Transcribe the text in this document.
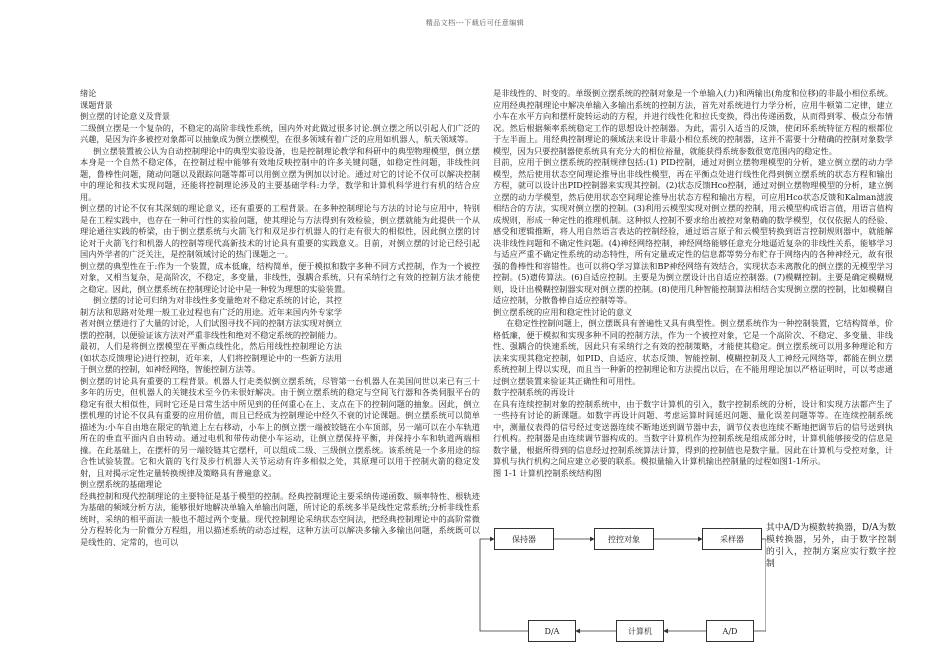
精品文档---下载后可任意编辑

绪论

课题背景

倒立摆的讨论意义及背景

二级倒立摆是一个复杂的，不稳定的高阶非线性系统，国内外对此做过很多讨论.倒立摆之所以引起人们广泛的兴趣，是因为许多被控对象都可以抽象成为倒立摆模型，在很多领域有着广泛的应用如机器人，航天领域等。

倒立摆装置被公认为自动控制理论中的典型实验设备，也是控制理论教学和科研中的典型物理模型，倒立摆本身是一个自然不稳定体，在控制过程中能够有效地反映控制中的许多关键问题，如稳定性问题，非线性问题，鲁棒性问题，随动问题以及跟踪问题等都可以用倒立摆为例加以讨论。通过对它的讨论不仅可以解决控制中的理论和技术实现问题，还能将控制理论涉及的主要基础学科:力学，数学和计算机科学进行有机的结合应用。

倒立摆的讨论不仅有其深刻的理论意义，还有重要的工程背景。在多种控制理论与方法的讨论与应用中，特别是在工程实践中，也存在一种可行性的实验问题，使其理论与方法得到有效检验，倒立摆就能为此提供一个从理论通往实践的桥梁，由于倒立摆系统与火箭飞行和双足步行机器人的行走有很大的相似性，因此倒立摆的讨论对于火箭飞行和机器人的控制等现代高新技术的讨论具有重要的实践意义。目前，对倒立摆的讨论已经引起国内外学者的广泛关注，是控制领域讨论的热门课题之一。

倒立摆的典型性在于:作为一个装置，成本低廉，结构简单，便于模拟和数字多种不同方式控制，作为一个被控对象，又相当复杂，是高阶次，不稳定，多变量，非线性，强耦合系统，只有采纳行之有效的控制方法才能使之稳定。因此，倒立摆系统在控制理论讨论中是一种较为理想的实验装置。

倒立摆的讨论可归纳为对非线性多变量绝对不稳定系统的讨论，其控制方法和思路对处理一般工业过程也有广泛的用途。近年来国内外专家学者对倒立摆进行了大量的讨论，人们试图寻找不同的控制方法实现对倒立摆的控制，以便验证该方法对严重非线性和绝对不稳定系统的控制能力。最初，人们是将倒立摆模型在平衡点线性化，然后用线性控制理论方法(如状态反馈理论)进行控制，近年来，人们将控制理论中的一些新方法用于倒立摆的控制，如神经网络，智能控制方法等。

倒立摆的讨论具有重要的工程背景。机器人行走类似倒立摆系统，尽管第一台机器人在美国问世以来已有三十多年的历史，但机器人的关键技术至今仍未很好解决。由于倒立摆系统的稳定与空间飞行器和各类伺服平台的稳定有很大相似性，同时它还是日常生活中所见到的任何重心在上、支点在下的控制问题的抽象。因此，倒立摆机理的讨论不仅具有重要的应用价值，而且已经成为控制理论中经久不衰的讨论课题。倒立摆系统可以简单描述为:小车自由地在限定的轨道上左右移动，小车上的倒立摆一端被铰链在小车顶部，另一端可以在小车轨道所在的垂直平面内自由转动。通过电机和带传动使小车运动，让倒立摆保持平衡，并保持小车和轨道两端相撞。在此基础上，在摆杆的另一端铰链其它摆杆，可以组成二级、三级倒立摆系统。该系统是一个多用途的综合性试验装置。它和火箭的飞行及步行机器人关节运动有许多相似之处，其原理可以用于控制火箭的稳定发射，且对揭示定性定量转换规律及策略具有普遍意义。

倒立摆系统的基础理论

经典控制和现代控制理论的主要特征是基于模型的控制。经典控制理论主要采纳传递函数、频率特性、根轨迹为基础的频域分析方法，能够很好地解决单输入单输出问题，所讨论的系统多半是线性定常系统;分析非线性系统时，采纳的相平面法一般也不超过两个变量。现代控制理论采纳状态空间法，把经典控制理论中的高阶常微分方程转化为一阶微分方程组，用以描述系统的动态过程，这种方法可以解决多输入多输出问题，系统既可以是线性的、定常的，也可以

是非线性的、时变的。单级倒立摆系统的控制对象是一个单输入(力)和两输出(角度和位移)的非最小相位系统。应用经典控制理论中解决单输入多输出系统的控制方法，首先对系统进行力学分析，应用牛顿第二定律，建立小车在水平方向和摆杆旋转运动的方程，并进行线性化和拉氏变换，得出传递函数，从而得到零、极点分布情况。然后根据频率系统稳定工作的思想设计控制器。为此，需引入适当的反馈，使闭环系统特征方程的根都位于左半面上。用经典控制理论的频域法来设计非最小相位系统的控制器，这并不需要十分精确的控制对象数学模型，因为只要控制器使系统具有充分大的相位裕量，就能获得系统参数很宽范围内的稳定性。

目前，应用于倒立摆系统的控制规律包括:(1) PID控制，通过对倒立摆物理模型的分析，建立倒立摆的动力学模型，然后使用状态空间理论推导出非线性模型，再在平衡点处进行线性化得到倒立摆系统的状态方程和输出方程，就可以设计出PID控制器来实现其控制。(2)状态反馈Hco控制，通过对倒立摆物理模型的分析，建立倒立摆的动力学模型，然后使用状态空间理论推导出状态方程和输出方程，可应用Hco状态反馈和Kalman滤波相结合的方法，实现对倒立摆的控制。(3)利用云模型实现对倒立摆的控制，用云模型构成语言值，用语言值构成规则，形成一种定性的推理机制。这种拟人控制不要求给出被控对象精确的数学模型，仅仅依据人的经验、感受和逻辑推断，将人用自然语言表达的控制经验，通过语言原子和云模型转换到语言控制规则器中，就能解决非线性问题和不确定性问题。(4)神经网络控制，神经网络能够任意充分地逼近复杂的非线性关系，能够学习与适应严重不确定性系统的动态特性，所有定量或定性的信息都等势分布贮存于网络内的各种神经元，故有很强的鲁棒性和容错性。也可以将Q学习算法和BP神经网络有效结合，实现状态未离散化的倒立摆的无模型学习控制。(5)遗传算法。(6)自适应控制。主要是为倒立摆设计出自适应控制器。(7)模糊控制。主要是确定模糊规则，设计出模糊控制器实现对倒立摆的控制。(8)使用几种智能控制算法相结合实现倒立摆的控制，比如模糊自适应控制，分散鲁棒自适应控制等等。

倒立摆系统的应用和稳定性讨论的意义

在稳定性控制问题上，倒立摆既具有普遍性又具有典型性。倒立摆系统作为一种控制装置，它结构简单，价格低廉，便于模拟和实现多种不同的控制方法，作为一个被控对象，它是一个高阶次、不稳定、多变量、非线性、强耦合的快速系统，因此只有采纳行之有效的控制策略，才能使其稳定。倒立摆系统可以用多种理论和方法来实现其稳定控制，如PID、自适应、状态反馈、智能控制、模糊控制及人工神经元网络等，都能在倒立摆系统控制上得以实现，而且当一种新的控制理论和方法提出以后，在不能用理论加以严格证明时，可以考虑通过倒立摆装置来验证其正确性和可用性。

数字控制系统的再设计

在具有连续控制对象的控制系统中，由于数字计算机的引入，数字控制系统的分析，设计和实现方法都产生了一些持有讨论的新课题。如数字再设计问题、考虑运算时间延迟问题、量化误差问题等等。在连续控制系统中，测量仪表得的信号经过变送器连续不断地送到调节器中去，调节仪表也连续不断地把调节后的信号送到执行机构。控制器是由连续调节器构成的。当数字计算机作为控制系统是组成部分时，计算机能够接受的信息是数字量，根据所得到的信息经过控制系统算法计算，得到的控制值也是数字量。因此在计算机与受控对象，计算机与执行机构之间应建立必要的联系。模拟量输入计算机输出控制量的过程如图1-1所示。

图 1-1 计算机控制系统结构图

保持器	控控对象	采样器
D/A	计算机	A/D
其中A/D为模数转换器，D/A为数模转换器，另外，由于数字控制的引入，控制方案应实行数字控制
